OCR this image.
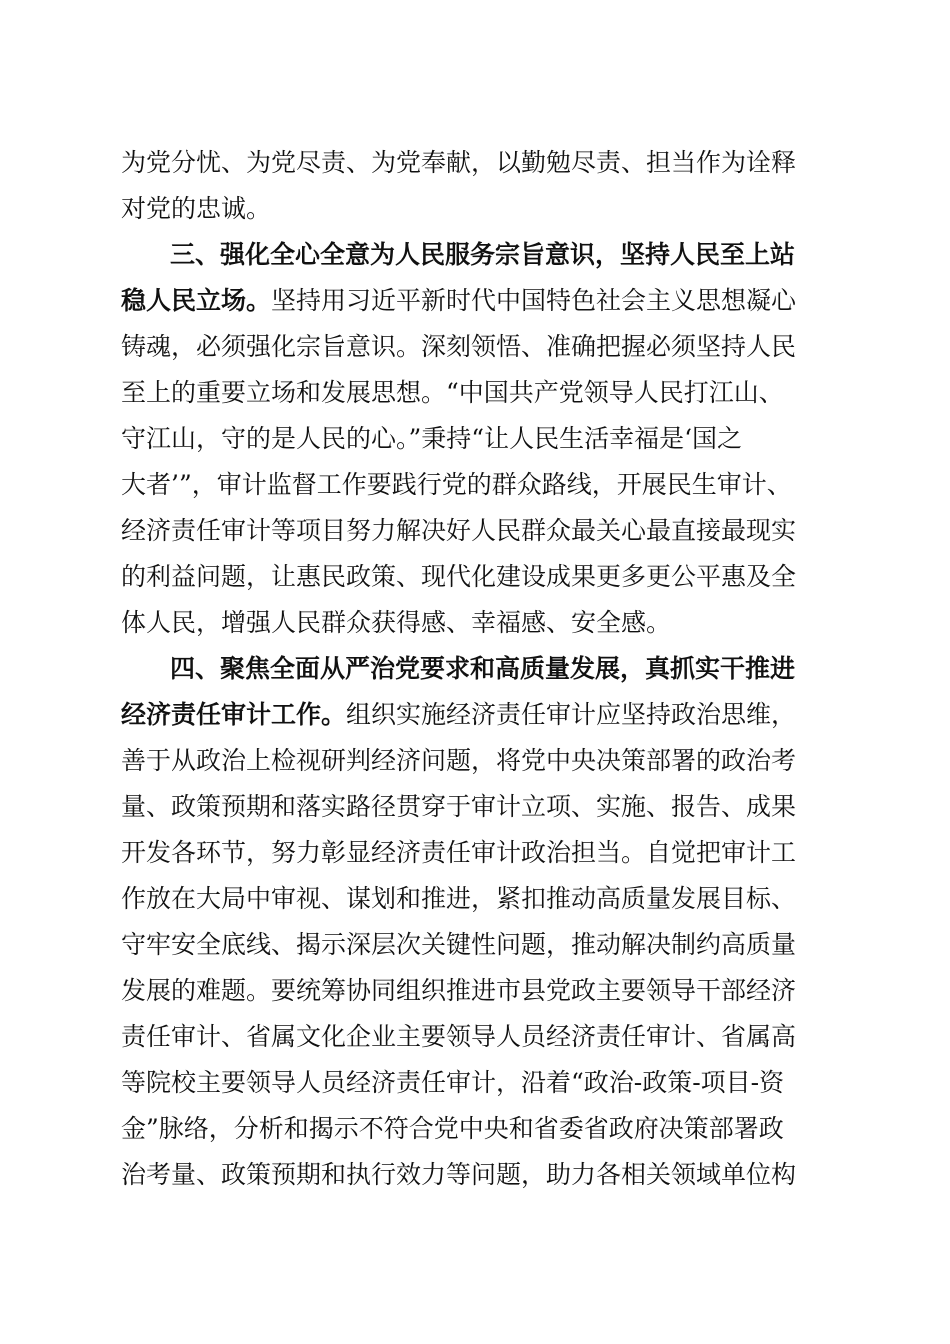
为党分忧、为党尽责、为党奉献，以勤勉尽责、担当作为诠释
对党的忠诚。
三、强化全心全意为人民服务宗旨意识，坚持人民至上站
稳人民立场。 坚持用习近平新时代中国特色社会主义思想凝心
铸魂，必须强化宗旨意识。深刻领悟、准确把握必须坚持人民
至上的重要立场和发展思想。“中国共产党领导人民打江山、
守江山，守的是人民的心。”秉持“让人民生活幸福是‘国之
大者’”，审计监督工作要践行党的群众路线，开展民生审计、
经济责任审计等项目努力解决好人民群众最关心最直接最现实
的利益问题，让惠民政策、现代化建设成果更多更公平惠及全
体人民，增强人民群众获得感、幸福感、安全感。
四、聚焦全面从严治党要求和高质量发展，真抓实干推进
经济责任审计工作。 组织实施经济责任审计应坚持政治思维，
善于从政治上检视研判经济问题，将党中央决策部署的政治考
量、政策预期和落实路径贯穿于审计立项、实施、报告、成果
开发各环节，努力彰显经济责任审计政治担当。自觉把审计工
作放在大局中审视、谋划和推进，紧扣推动高质量发展目标、
守牢安全底线、揭示深层次关键性问题，推动解决制约高质量
发展的难题。要统筹协同组织推进市县党政主要领导干部经济
责任审计、省属文化企业主要领导人员经济责任审计、省属高
等院校主要领导人员经济责任审计，沿着“政治-政策-项目-资
金”脉络，分析和揭示不符合党中央和省委省政府决策部署政
治考量、政策预期和执行效力等问题，助力各相关领域单位构
